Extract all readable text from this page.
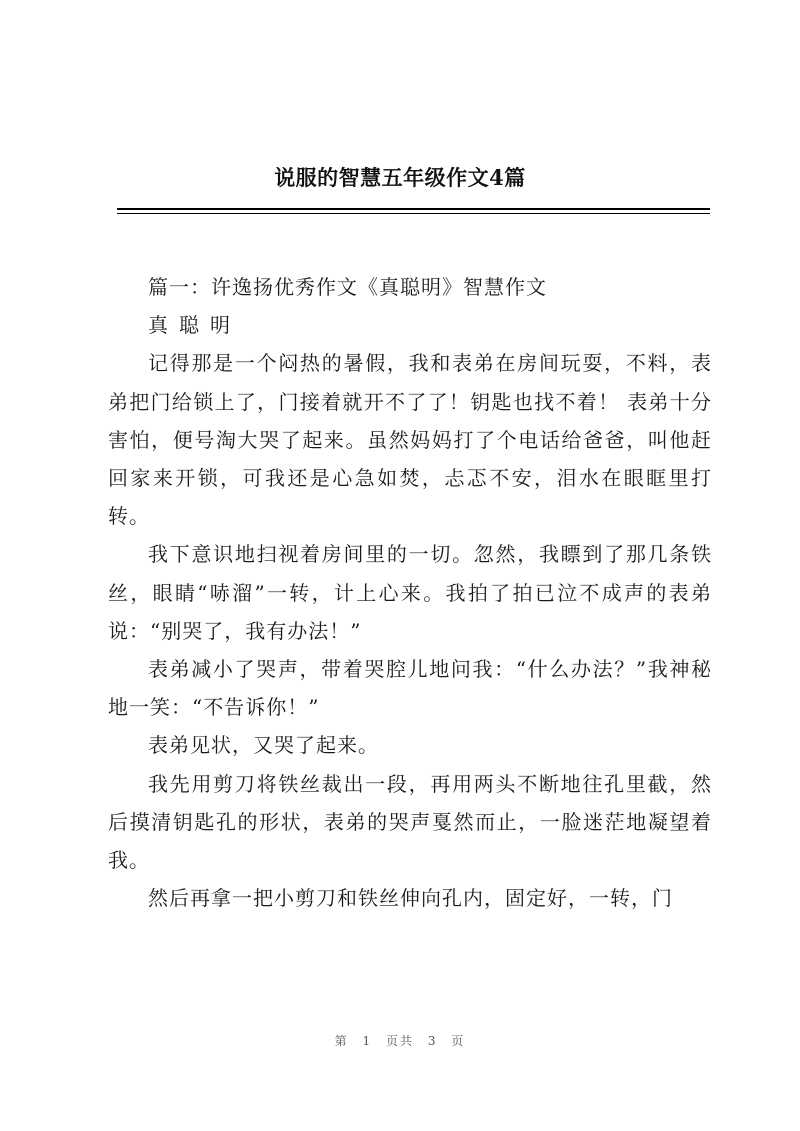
说服的智慧五年级作文4篇

篇一：许逸扬优秀作文《真聪明》智慧作文

真聪明

记得那是一个闷热的暑假，我和表弟在房间玩耍，不料，表弟把门给锁上了，门接着就开不了了！钥匙也找不着！ 表弟十分害怕，便号淘大哭了起来。虽然妈妈打了个电话给爸爸，叫他赶回家来开锁，可我还是心急如焚，忐忑不安，泪水在眼眶里打转。

我下意识地扫视着房间里的一切。忽然，我瞟到了那几条铁丝，眼睛“哧溜”一转，计上心来。我拍了拍已泣不成声的表弟说：“别哭了，我有办法！”

表弟减小了哭声，带着哭腔儿地问我：“什么办法？”我神秘地一笑：“不告诉你！”

表弟见状，又哭了起来。

我先用剪刀将铁丝裁出一段，再用两头不断地往孔里截，然后摸清钥匙孔的形状，表弟的哭声戛然而止，一脸迷茫地凝望着我。

然后再拿一把小剪刀和铁丝伸向孔内，固定好，一转，门

第 1 页共 3 页
